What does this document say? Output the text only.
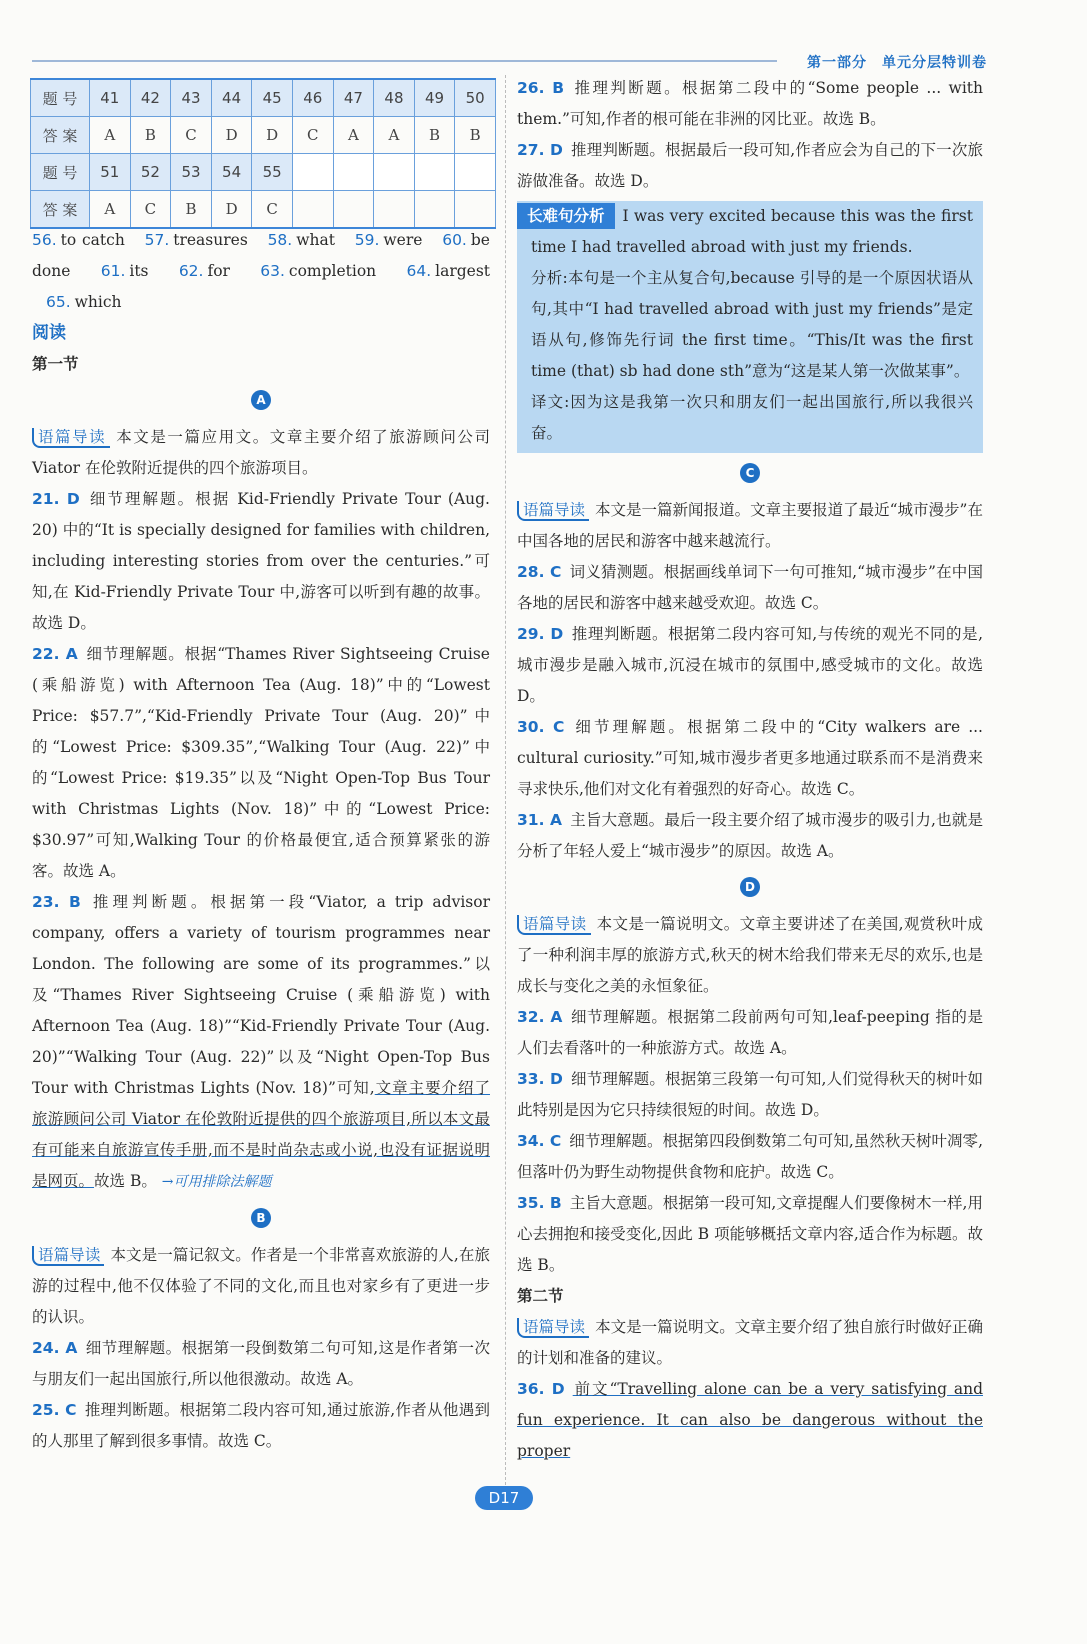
第一部分　单元分层特训卷
题 号	41	42	43	44	45	46	47	48	49	50
答 案	A	B	C	D	D	C	A	A	B	B
题 号	51	52	53	54	55					
答 案	A	C	B	D	C					

56. to catch 57. treasures 58. what 59. were 60. be done 61. its 62. for 63. completion 64. largest 65. which

阅读

第一节

A

语篇导读 本文是一篇应用文。文章主要介绍了旅游顾问公司 Viator 在伦敦附近提供的四个旅游项目。

21. D 细节理解题。根据 Kid-Friendly Private Tour (Aug. 20) 中的“It is specially designed for families with children, including interesting stories from over the centuries.”可知,在 Kid-Friendly Private Tour 中,游客可以听到有趣的故事。故选 D。

22. A 细节理解题。根据“Thames River Sightseeing Cruise (乘船游览) with Afternoon Tea (Aug. 18)”中的“Lowest Price: $57.7”,“Kid-Friendly Private Tour (Aug. 20)”中的“Lowest Price: $309.35”,“Walking Tour (Aug. 22)”中的“Lowest Price: $19.35”以及“Night Open-Top Bus Tour with Christmas Lights (Nov. 18)”中的“Lowest Price: $30.97”可知,Walking Tour 的价格最便宜,适合预算紧张的游客。故选 A。

23. B 推理判断题。根据第一段“Viator, a trip advisor company, offers a variety of tourism programmes near London. The following are some of its programmes.”以及“Thames River Sightseeing Cruise (乘船游览) with Afternoon Tea (Aug. 18)”“Kid-Friendly Private Tour (Aug. 20)”“Walking Tour (Aug. 22)”以及“Night Open-Top Bus Tour with Christmas Lights (Nov. 18)”可知,文章主要介绍了旅游顾问公司 Viator 在伦敦附近提供的四个旅游项目,所以本文最有可能来自旅游宣传手册,而不是时尚杂志或小说,也没有证据说明是网页。故选 B。 →可用排除法解题

B

语篇导读 本文是一篇记叙文。作者是一个非常喜欢旅游的人,在旅游的过程中,他不仅体验了不同的文化,而且也对家乡有了更进一步的认识。

24. A 细节理解题。根据第一段倒数第二句可知,这是作者第一次与朋友们一起出国旅行,所以他很激动。故选 A。

25. C 推理判断题。根据第二段内容可知,通过旅游,作者从他遇到的人那里了解到很多事情。故选 C。

26. B 推理判断题。根据第二段中的“Some people ... with them.”可知,作者的根可能在非洲的冈比亚。故选 B。

27. D 推理判断题。根据最后一段可知,作者应会为自己的下一次旅游做准备。故选 D。

长难句分析 I was very excited because this was the first time I had travelled abroad with just my friends.

分析:本句是一个主从复合句,because 引导的是一个原因状语从句,其中“I had travelled abroad with just my friends”是定语从句,修饰先行词 the first time。“This/It was the first time (that) sb had done sth”意为“这是某人第一次做某事”。

译文:因为这是我第一次只和朋友们一起出国旅行,所以我很兴奋。

C

语篇导读 本文是一篇新闻报道。文章主要报道了最近“城市漫步”在中国各地的居民和游客中越来越流行。

28. C 词义猜测题。根据画线单词下一句可推知,“城市漫步”在中国各地的居民和游客中越来越受欢迎。故选 C。

29. D 推理判断题。根据第二段内容可知,与传统的观光不同的是,城市漫步是融入城市,沉浸在城市的氛围中,感受城市的文化。故选 D。

30. C 细节理解题。根据第二段中的“City walkers are ... cultural curiosity.”可知,城市漫步者更多地通过联系而不是消费来寻求快乐,他们对文化有着强烈的好奇心。故选 C。

31. A 主旨大意题。最后一段主要介绍了城市漫步的吸引力,也就是分析了年轻人爱上“城市漫步”的原因。故选 A。

D

语篇导读 本文是一篇说明文。文章主要讲述了在美国,观赏秋叶成了一种利润丰厚的旅游方式,秋天的树木给我们带来无尽的欢乐,也是成长与变化之美的永恒象征。

32. A 细节理解题。根据第二段前两句可知,leaf-peeping 指的是人们去看落叶的一种旅游方式。故选 A。

33. D 细节理解题。根据第三段第一句可知,人们觉得秋天的树叶如此特别是因为它只持续很短的时间。故选 D。

34. C 细节理解题。根据第四段倒数第二句可知,虽然秋天树叶凋零,但落叶仍为野生动物提供食物和庇护。故选 C。

35. B 主旨大意题。根据第一段可知,文章提醒人们要像树木一样,用心去拥抱和接受变化,因此 B 项能够概括文章内容,适合作为标题。故选 B。

第二节

语篇导读 本文是一篇说明文。文章主要介绍了独自旅行时做好正确的计划和准备的建议。

36. D 前文“Travelling alone can be a very satisfying and fun experience. It can also be dangerous without the proper

D17
